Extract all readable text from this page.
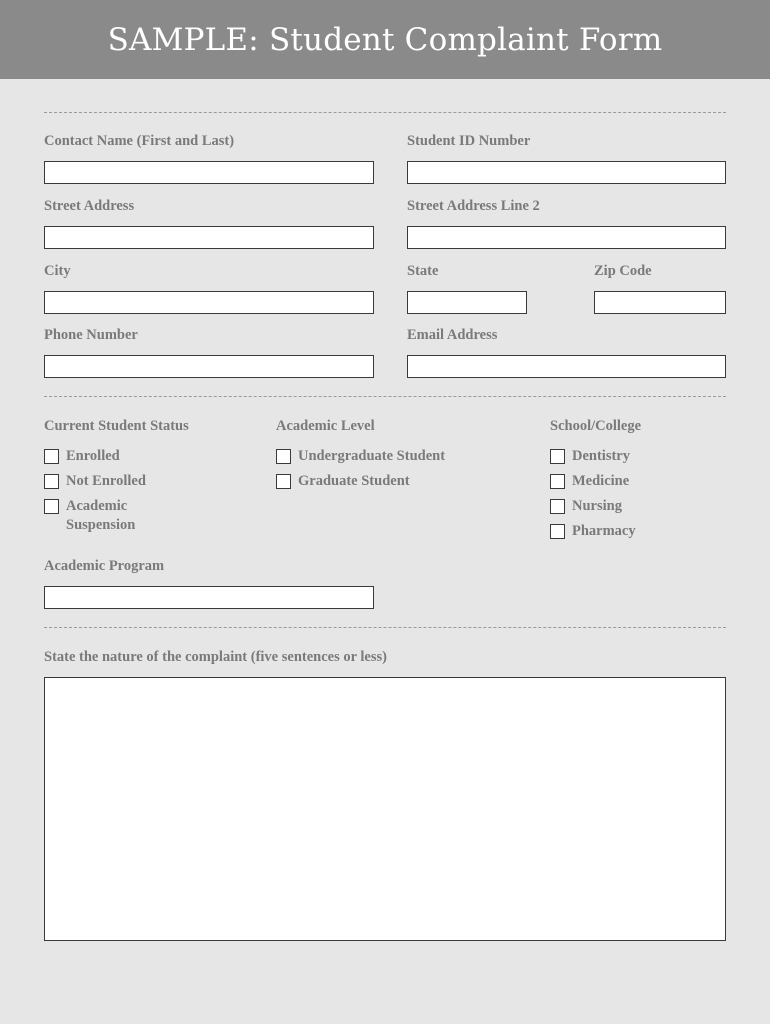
SAMPLE: Student Complaint Form
Contact Name (First and Last)	Student ID Number
Street Address	Street Address Line 2
City	State	Zip Code
Phone Number	Email Address
Current Student Status
Enrolled
Not Enrolled
Academic Suspension
Academic Level
Undergraduate Student
Graduate Student
School/College
Dentistry
Medicine
Nursing
Pharmacy
Academic Program
State the nature of the complaint (five sentences or less)
